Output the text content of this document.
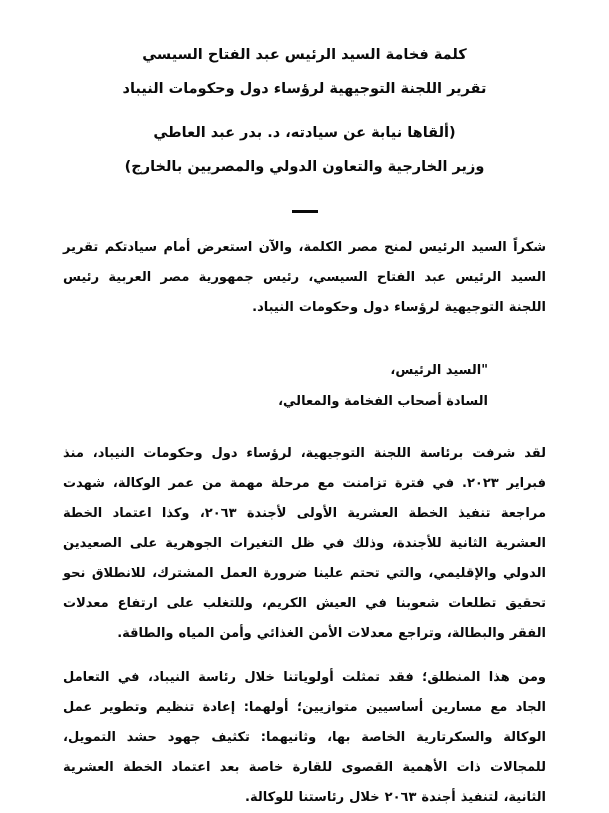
كلمة فخامة السيد الرئيس عبد الفتاح السيسي
تقرير اللجنة التوجيهية لرؤساء دول وحكومات النيباد
(ألقاها نيابة عن سيادته، د. بدر عبد العاطي
وزير الخارجية والتعاون الدولي والمصريين بالخارج)

شكراً السيد الرئيس لمنح مصر الكلمة، والآن استعرض أمام سيادتكم تقرير السيد الرئيس عبد الفتاح السيسي، رئيس جمهورية مصر العربية رئيس اللجنة التوجيهية لرؤساء دول وحكومات النيباد.

"السيد الرئيس،
السادة أصحاب الفخامة والمعالي،

لقد شرفت برئاسة اللجنة التوجيهية، لرؤساء دول وحكومات النيباد، منذ فبراير ٢٠٢٣. في فترة تزامنت مع مرحلة مهمة من عمر الوكالة، شهدت مراجعة تنفيذ الخطة العشرية الأولى لأجندة ٢٠٦٣، وكذا اعتماد الخطة العشرية الثانية للأجندة، وذلك في ظل التغيرات الجوهرية على الصعيدين الدولي والإقليمي، والتي تحتم علينا ضرورة العمل المشترك، للانطلاق نحو تحقيق تطلعات شعوبنا في العيش الكريم، وللتغلب على ارتفاع معدلات الفقر والبطالة، وتراجع معدلات الأمن الغذائي وأمن المياه والطاقة.

ومن هذا المنطلق؛ فقد تمثلت أولوياتنا خلال رئاسة النيباد، في التعامل الجاد مع مسارين أساسيين متوازيين؛ أولهما: إعادة تنظيم وتطوير عمل الوكالة والسكرتارية الخاصة بها، وثانيهما: تكثيف جهود حشد التمويل، للمجالات ذات الأهمية القصوى للقارة خاصة بعد اعتماد الخطة العشرية الثانية، لتنفيذ أجندة ٢٠٦٣ خلال رئاستنا للوكالة.
